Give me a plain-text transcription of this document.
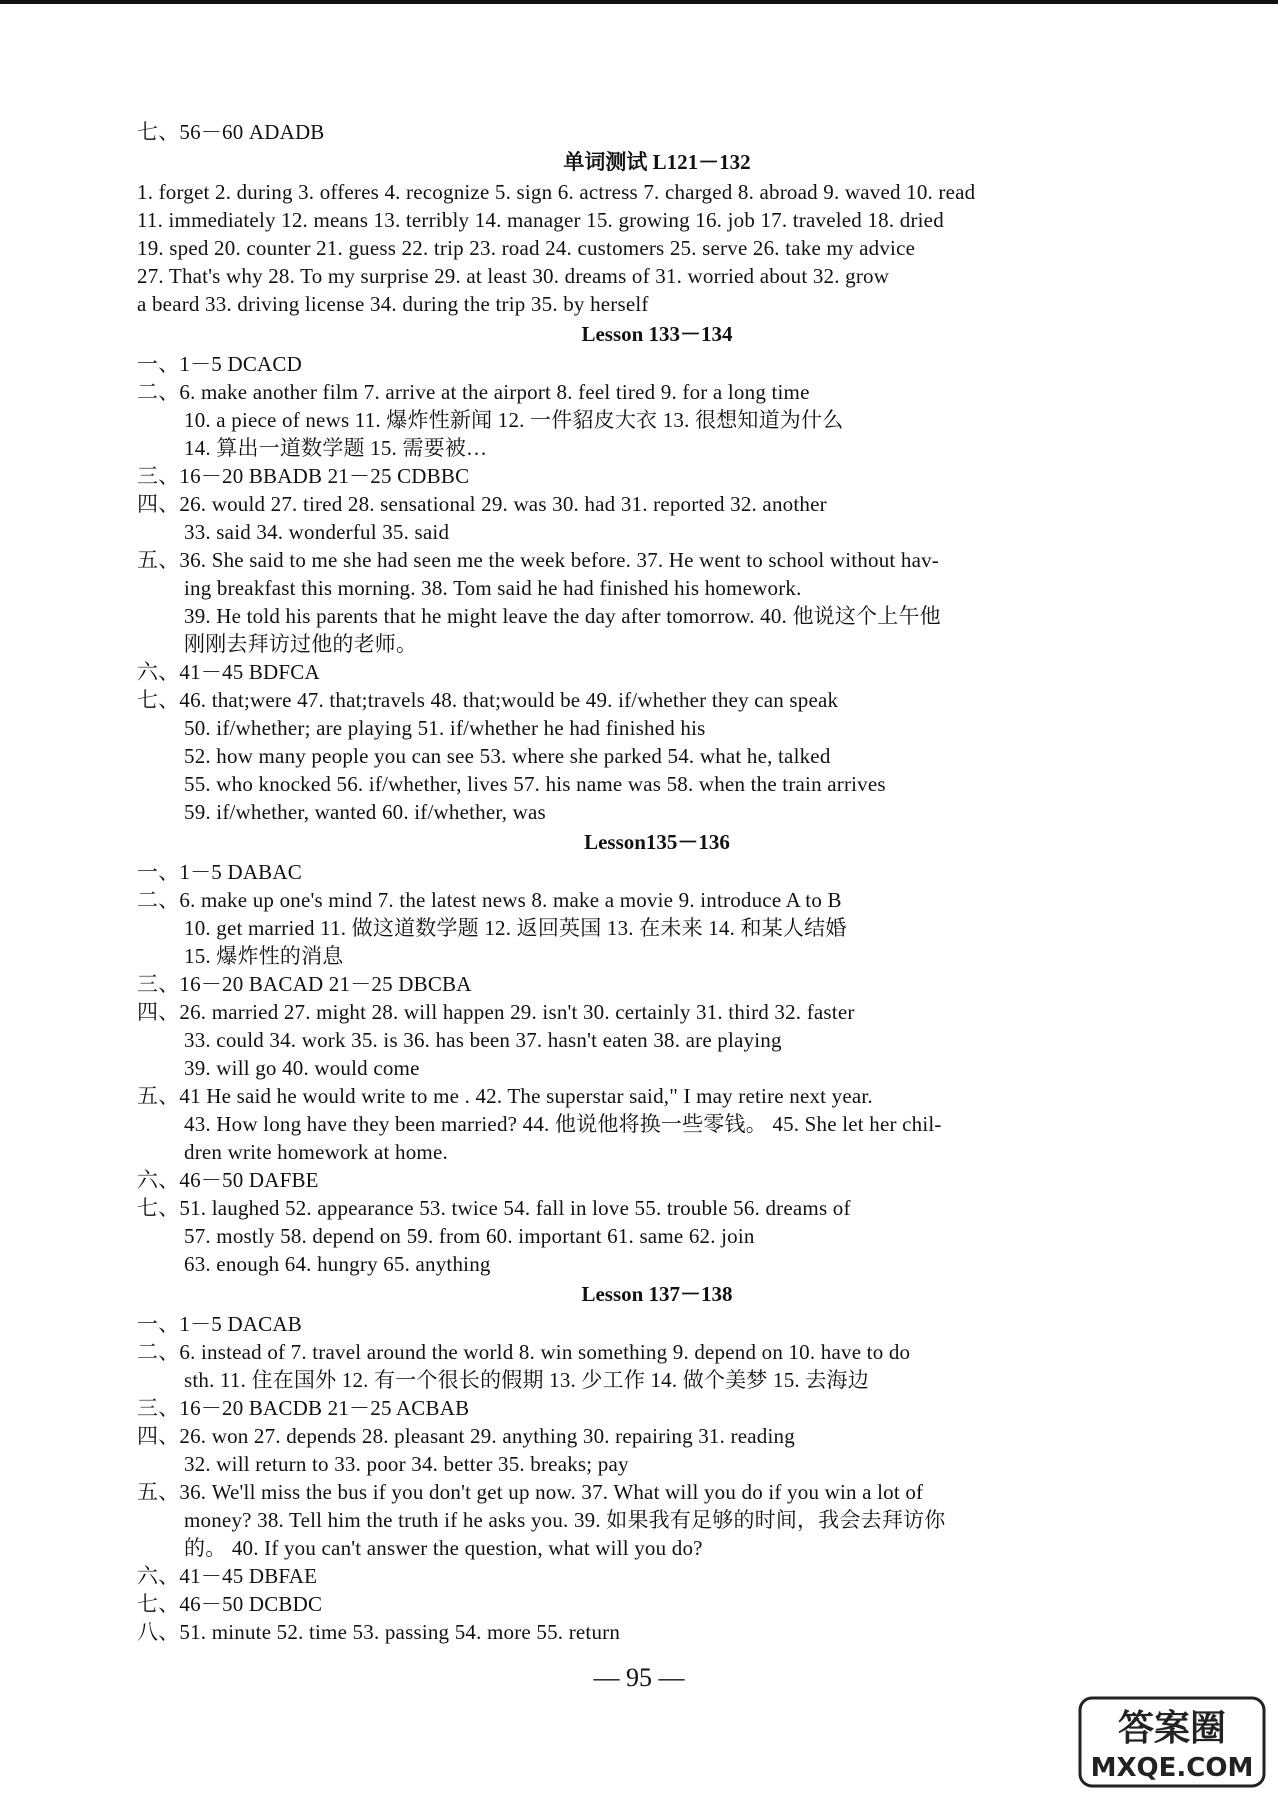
七、56－60 ADADB
单词测试 L121－132
1. forget 2. during 3. offeres 4. recognize 5. sign 6. actress 7. charged 8. abroad 9. waved 10. read
11. immediately 12. means 13. terribly 14. manager 15. growing 16. job 17. traveled 18. dried
19. sped 20. counter 21. guess 22. trip 23. road 24. customers 25. serve 26. take my advice
27. That's why 28. To my surprise 29. at least 30. dreams of 31. worried about 32. grow
a beard 33. driving license 34. during the trip 35. by herself
Lesson 133－134
一、1－5 DCACD
二、6. make another film 7. arrive at the airport 8. feel tired 9. for a long time
10. a piece of news 11. 爆炸性新闻 12. 一件貂皮大衣 13. 很想知道为什么
14. 算出一道数学题 15. 需要被…
三、16－20 BBADB 21－25 CDBBC
四、26. would 27. tired 28. sensational 29. was 30. had 31. reported 32. another
33. said 34. wonderful 35. said
五、36. She said to me she had seen me the week before. 37. He went to school without hav-
ing breakfast this morning. 38. Tom said he had finished his homework.
39. He told his parents that he might leave the day after tomorrow. 40. 他说这个上午他
刚刚去拜访过他的老师。
六、41－45 BDFCA
七、46. that;were 47. that;travels 48. that;would be 49. if/whether they can speak
50. if/whether; are playing 51. if/whether he had finished his
52. how many people you can see 53. where she parked 54. what he, talked
55. who knocked 56. if/whether, lives 57. his name was 58. when the train arrives
59. if/whether, wanted 60. if/whether, was
Lesson135－136
一、1－5 DABAC
二、6. make up one's mind 7. the latest news 8. make a movie 9. introduce A to B
10. get married 11. 做这道数学题 12. 返回英国 13. 在未来 14. 和某人结婚
15. 爆炸性的消息
三、16－20 BACAD 21－25 DBCBA
四、26. married 27. might 28. will happen 29. isn't 30. certainly 31. third 32. faster
33. could 34. work 35. is 36. has been 37. hasn't eaten 38. are playing
39. will go 40. would come
五、41 He said he would write to me . 42. The superstar said," I may retire next year.
43. How long have they been married? 44. 他说他将换一些零钱。 45. She let her chil-
dren write homework at home.
六、46－50 DAFBE
七、51. laughed 52. appearance 53. twice 54. fall in love 55. trouble 56. dreams of
57. mostly 58. depend on 59. from 60. important 61. same 62. join
63. enough 64. hungry 65. anything
Lesson 137－138
一、1－5 DACAB
二、6. instead of 7. travel around the world 8. win something 9. depend on 10. have to do
sth. 11. 住在国外 12. 有一个很长的假期 13. 少工作 14. 做个美梦 15. 去海边
三、16－20 BACDB 21－25 ACBAB
四、26. won 27. depends 28. pleasant 29. anything 30. repairing 31. reading
32. will return to 33. poor 34. better 35. breaks; pay
五、36. We'll miss the bus if you don't get up now. 37. What will you do if you win a lot of
money? 38. Tell him the truth if he asks you. 39. 如果我有足够的时间，我会去拜访你
的。 40. If you can't answer the question, what will you do?
六、41－45 DBFAE
七、46－50 DCBDC
八、51. minute 52. time 53. passing 54. more 55. return
— 95 —
答案圈
MXQE.COM
